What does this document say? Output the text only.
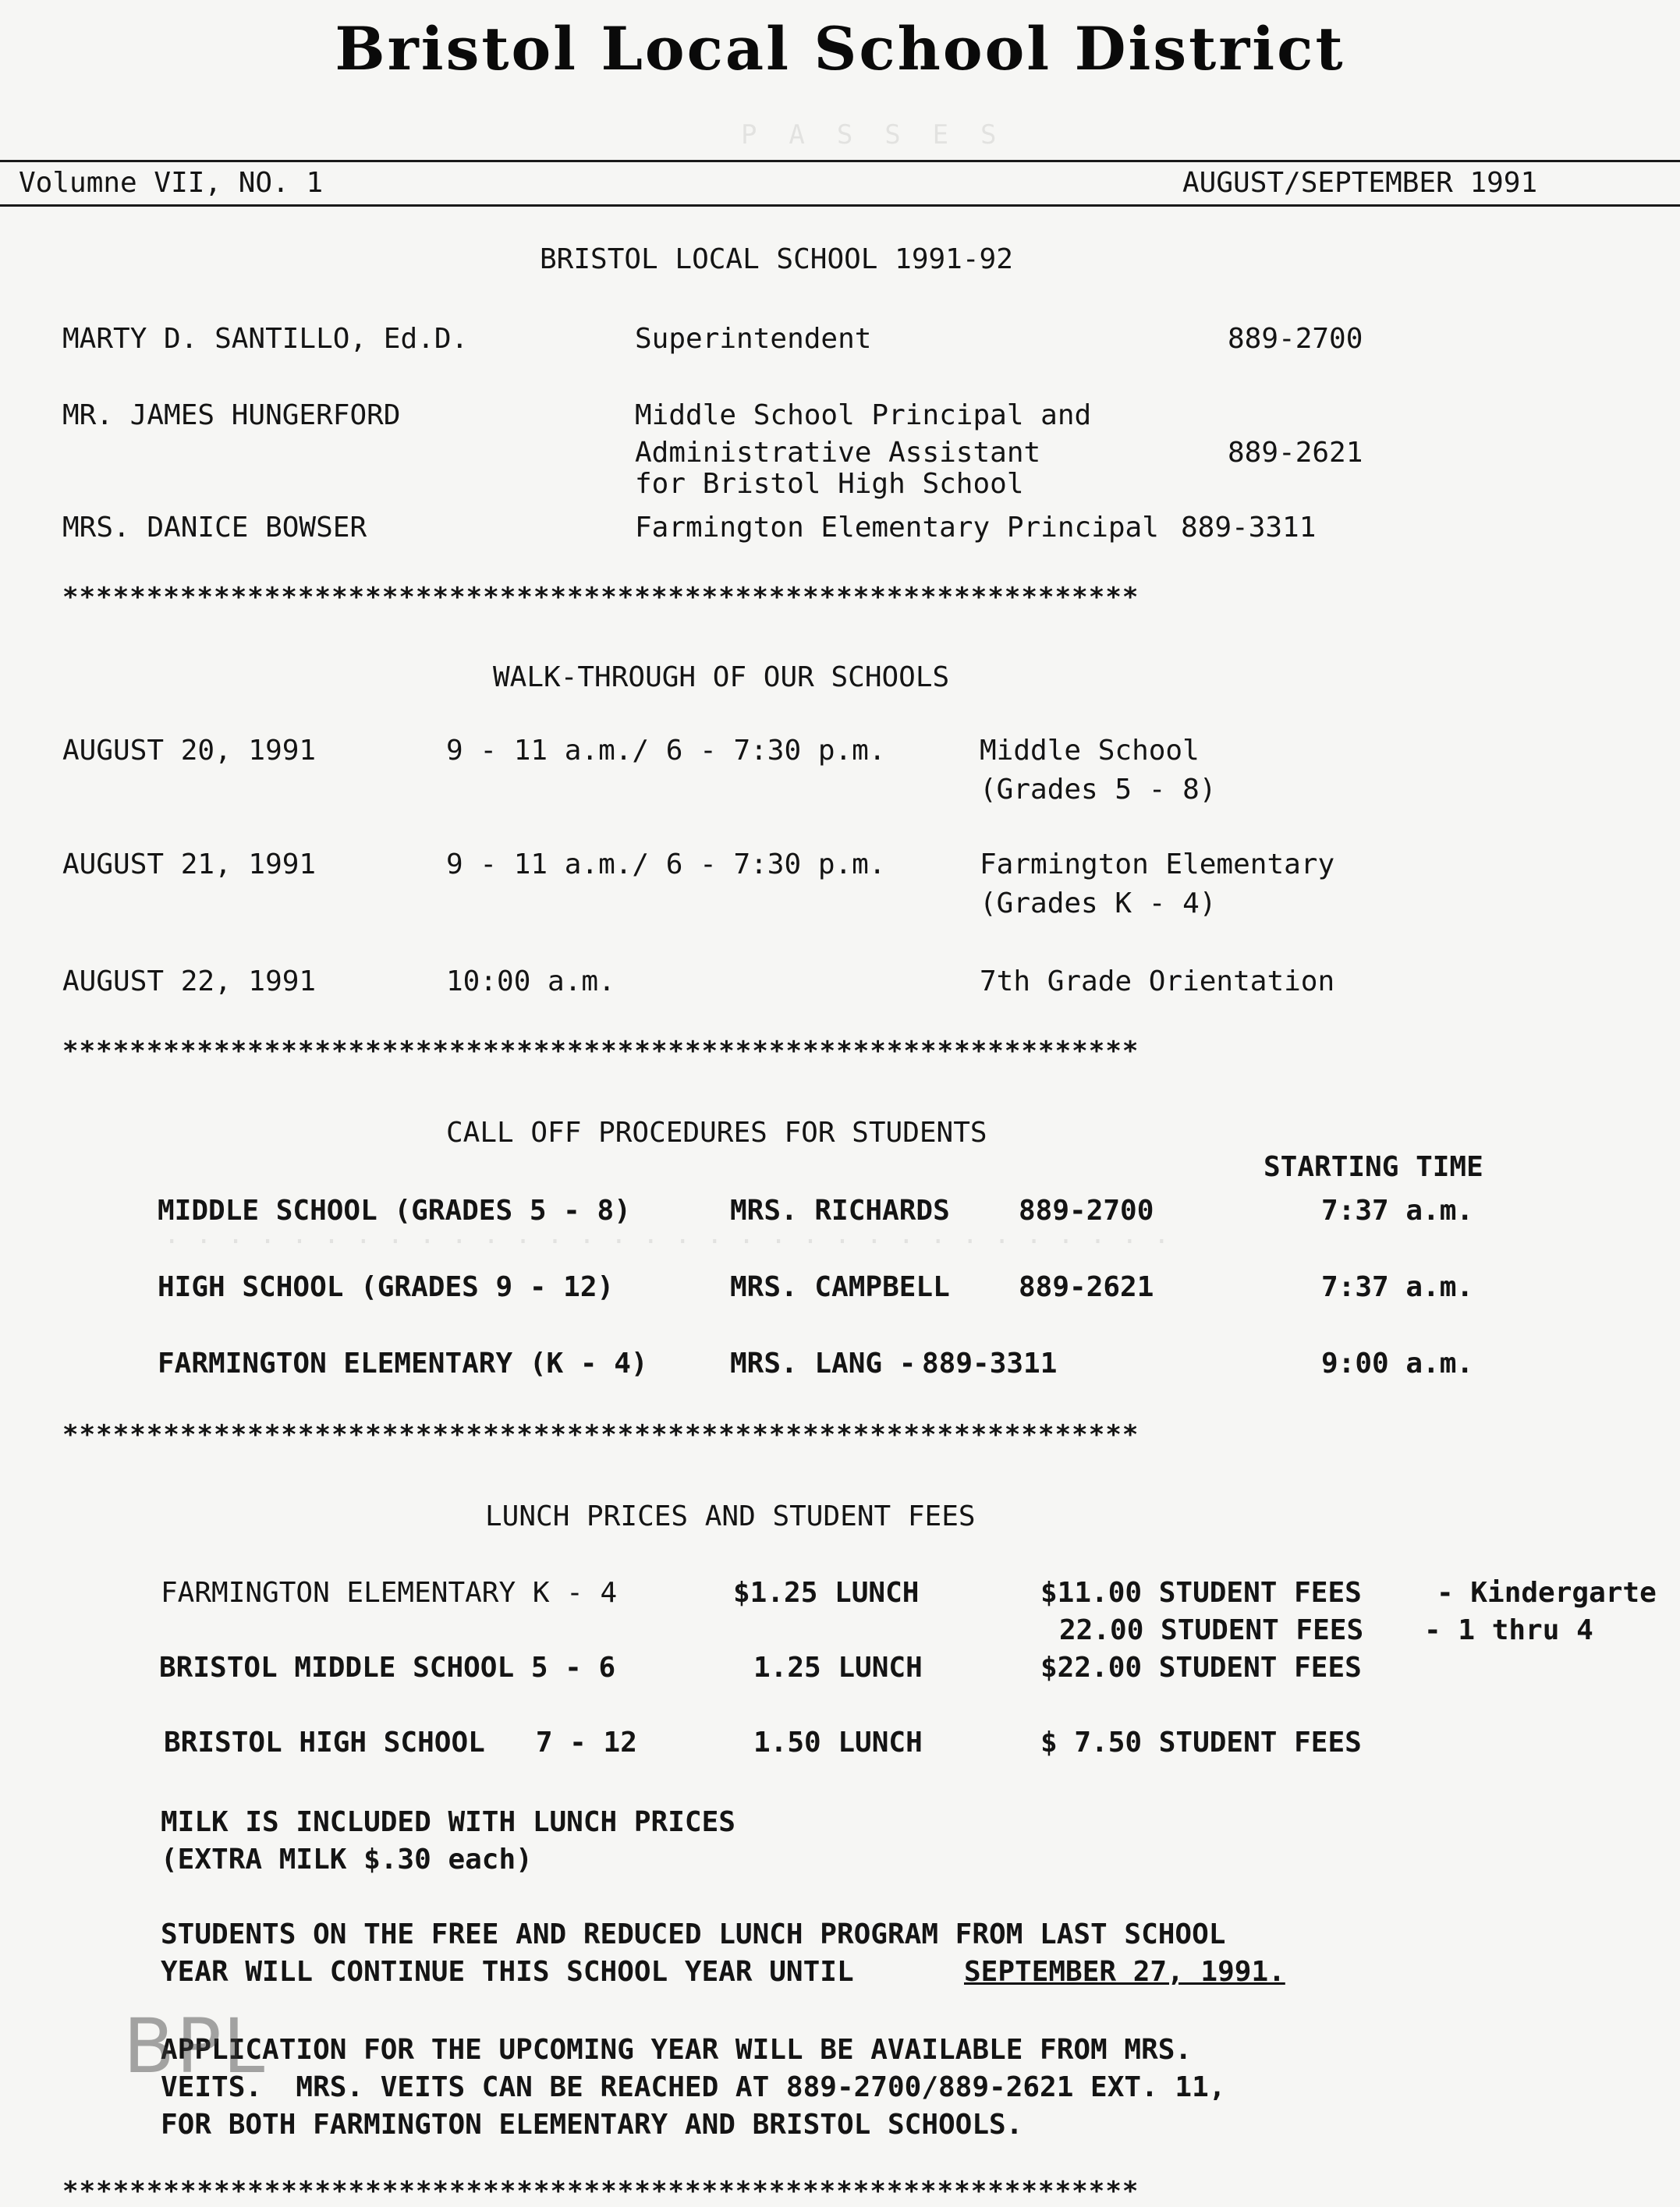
P  A  S  S  E  S
. . . . . . . . . . . . . . . . . . . . . . . . . . . . . . . .
Bristol Local School District
Volumne VII, NO. 1	AUGUST/SEPTEMBER 1991
BRISTOL LOCAL SCHOOL 1991-92
MARTY D. SANTILLO, Ed.D.	Superintendent	889-2700
MR. JAMES HUNGERFORD	Middle School Principal and
Administrative Assistant	889-2621
for Bristol High School
MRS. DANICE BOWSER	Farmington Elementary Principal 889-3311
****************************************************************
WALK-THROUGH OF OUR SCHOOLS
AUGUST 20, 1991	9 - 11 a.m./ 6 - 7:30 p.m.	Middle School
(Grades 5 - 8)
AUGUST 21, 1991	9 - 11 a.m./ 6 - 7:30 p.m.	Farmington Elementary
(Grades K - 4)
AUGUST 22, 1991	10:00 a.m.	7th Grade Orientation
****************************************************************
CALL OFF PROCEDURES FOR STUDENTS
STARTING TIME
MIDDLE SCHOOL (GRADES 5 - 8)	MRS. RICHARDS 889-2700	7:37 a.m.
HIGH SCHOOL (GRADES 9 - 12)	MRS. CAMPBELL 889-2621	7:37 a.m.
FARMINGTON ELEMENTARY (K - 4)	MRS. LANG - 889-3311	9:00 a.m.
****************************************************************
LUNCH PRICES AND STUDENT FEES
FARMINGTON ELEMENTARY K - 4	$1.25 LUNCH	$11.00 STUDENT FEES	- Kindergarte
22.00 STUDENT FEES - 1 thru 4
BRISTOL MIDDLE SCHOOL 5 - 6	1.25 LUNCH	$22.00 STUDENT FEES
BRISTOL HIGH SCHOOL   7 - 12	1.50 LUNCH	$ 7.50 STUDENT FEES
MILK IS INCLUDED WITH LUNCH PRICES
(EXTRA MILK $.30 each)
STUDENTS ON THE FREE AND REDUCED LUNCH PROGRAM FROM LAST SCHOOL
YEAR WILL CONTINUE THIS SCHOOL YEAR UNTIL	SEPTEMBER 27, 1991.
APPLICATION FOR THE UPCOMING YEAR WILL BE AVAILABLE FROM MRS.
VEITS.  MRS. VEITS CAN BE REACHED AT 889-2700/889-2621 EXT. 11,
FOR BOTH FARMINGTON ELEMENTARY AND BRISTOL SCHOOLS.
BPL
****************************************************************
